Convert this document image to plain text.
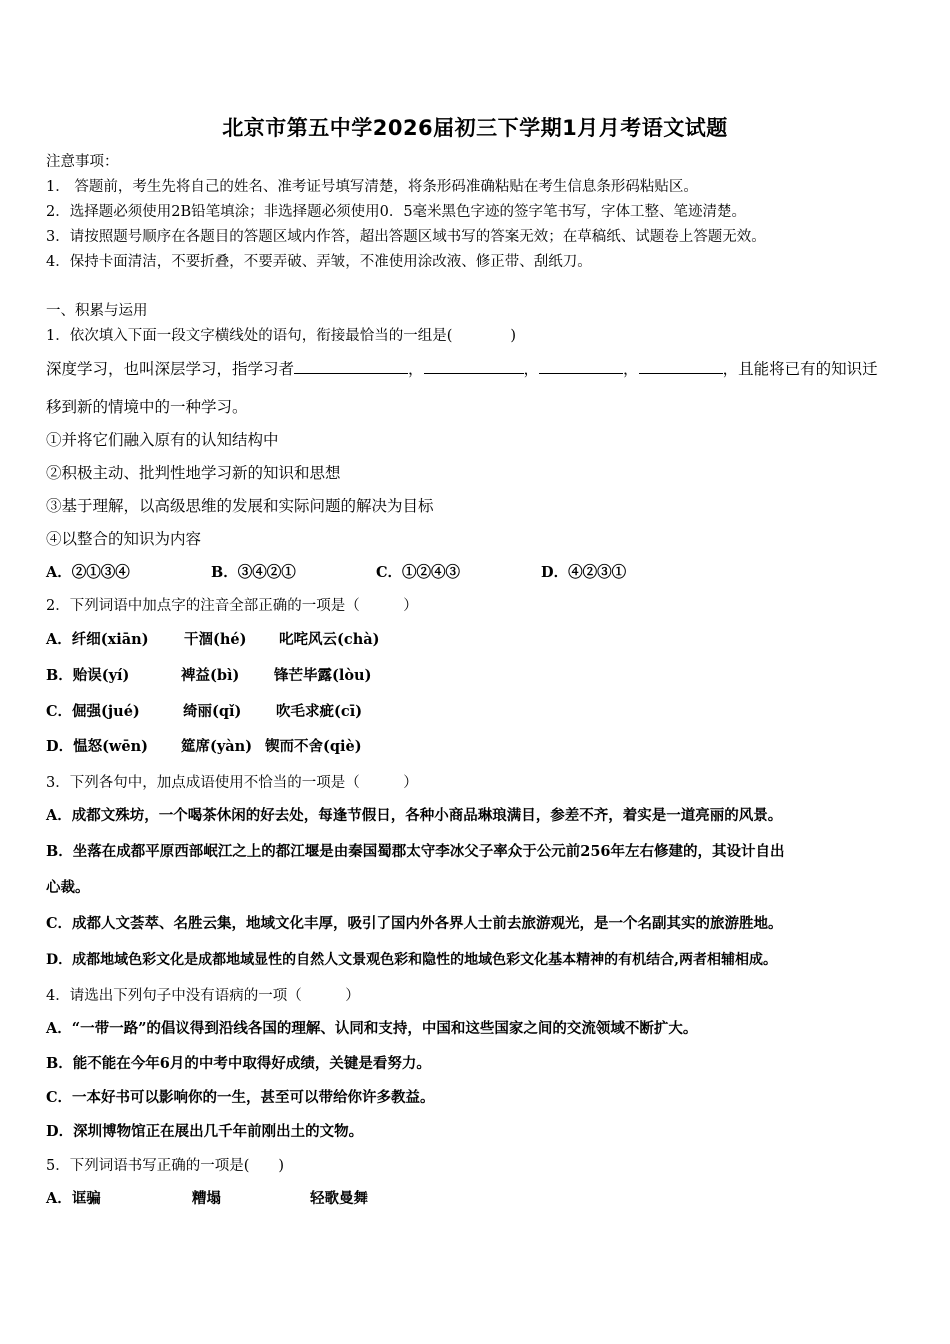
北京市第五中学2026届初三下学期1月月考语文试题
注意事项：
1． 答题前，考生先将自己的姓名、准考证号填写清楚，将条形码准确粘贴在考生信息条形码粘贴区。
2．选择题必须使用2B铅笔填涂；非选择题必须使用0．5毫米黑色字迹的签字笔书写，字体工整、笔迹清楚。
3．请按照题号顺序在各题目的答题区域内作答，超出答题区域书写的答案无效；在草稿纸、试题卷上答题无效。
4．保持卡面清洁，不要折叠，不要弄破、弄皱，不准使用涂改液、修正带、刮纸刀。
一、积累与运用
1．依次填入下面一段文字横线处的语句，衔接最恰当的一组是(　　　　)
深度学习，也叫深层学习，指学习者	，	，	，	，且能将已有的知识迁
移到新的情境中的一种学习。
①并将它们融入原有的认知结构中
②积极主动、批判性地学习新的知识和思想
③基于理解，以高级思维的发展和实际问题的解决为目标
④以整合的知识为内容
A．②①③④	B．③④②①	C．①②④③	D．④②③①
2．下列词语中加点字的注音全部正确的一项是（　　　）
A．纤细(xiān) 干涸(hé) 叱咤风云(chà)
B．贻误(yí)	裨益(bì) 锋芒毕露(lòu)
C．倔强(jué)	绮丽(qǐ) 吹毛求疵(cī)
D．愠怒(wēn) 筵席(yàn) 锲而不舍(qiè)
3．下列各句中，加点成语使用不恰当的一项是（　　　）
A．成都文殊坊，一个喝茶休闲的好去处，每逢节假日，各种小商品琳琅满目，参差不齐，着实是一道亮丽的风景。
B．坐落在成都平原西部岷江之上的都江堰是由秦国蜀郡太守李冰父子率众于公元前256年左右修建的，其设计自出
心裁。
C．成都人文荟萃、名胜云集，地域文化丰厚，吸引了国内外各界人士前去旅游观光，是一个名副其实的旅游胜地。
D．成都地域色彩文化是成都地域显性的自然人文景观色彩和隐性的地域色彩文化基本精神的有机结合,两者相辅相成。
4．请选出下列句子中没有语病的一项（　　　）
A．“一带一路”的倡议得到沿线各国的理解、认同和支持，中国和这些国家之间的交流领域不断扩大。
B．能不能在今年6月的中考中取得好成绩，关键是看努力。
C．一本好书可以影响你的一生，甚至可以带给你许多教益。
D．深圳博物馆正在展出几千年前刚出土的文物。
5．下列词语书写正确的一项是(　　)
A．诓骗	糟塌	轻歌曼舞
